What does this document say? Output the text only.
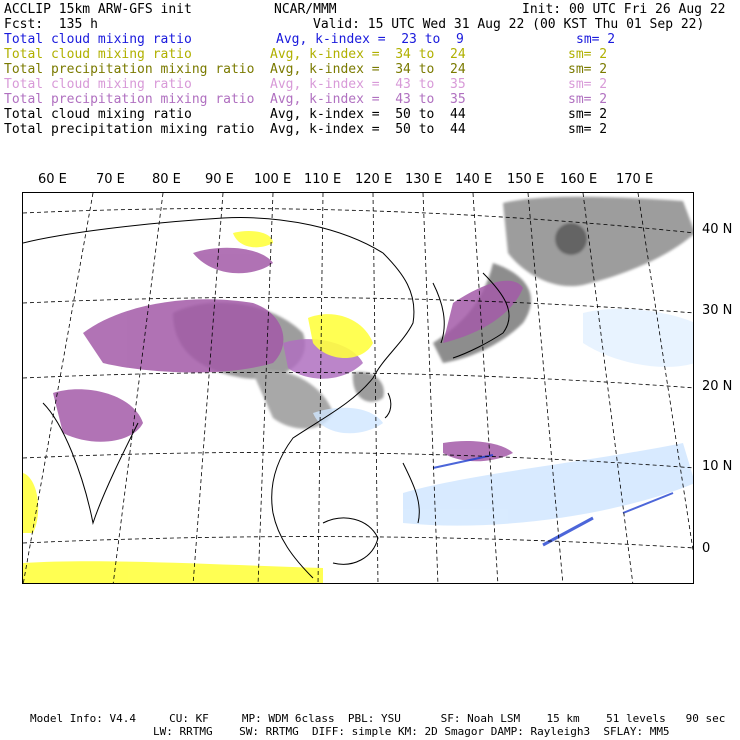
ACCLIP 15km ARW-GFS init	NCAR/MMM	Init: 00 UTC Fri 26 Aug 22
Fcst:  135 h	Valid: 15 UTC Wed 31 Aug 22 (00 KST Thu 01 Sep 22)
Total cloud mixing ratio	Avg, k-index =  23 to  9	sm= 2
Total cloud mixing ratio	Avg, k-index =  34 to  24	sm= 2
Total precipitation mixing ratio Avg, k-index =  34 to  24	sm= 2
Total cloud mixing ratio	Avg, k-index =  43 to  35	sm= 2
Total precipitation mixing ratio Avg, k-index =  43 to  35	sm= 2
Total cloud mixing ratio	Avg, k-index =  50 to  44	sm= 2
Total precipitation mixing ratio Avg, k-index =  50 to  44	sm= 2
60 E 70 E 80 E 90 E 100 E 110 E 120 E 130 E 140 E 150 E 160 E 170 E
40 N
30 N
20 N
10 N
0
Model Info: V4.4     CU: KF     MP: WDM 6class  PBL: YSU      SF: Noah LSM    15 km    51 levels   90 sec
LW: RRTMG    SW: RRTMG  DIFF: simple KM: 2D Smagor DAMP: Rayleigh3  SFLAY: MM5
